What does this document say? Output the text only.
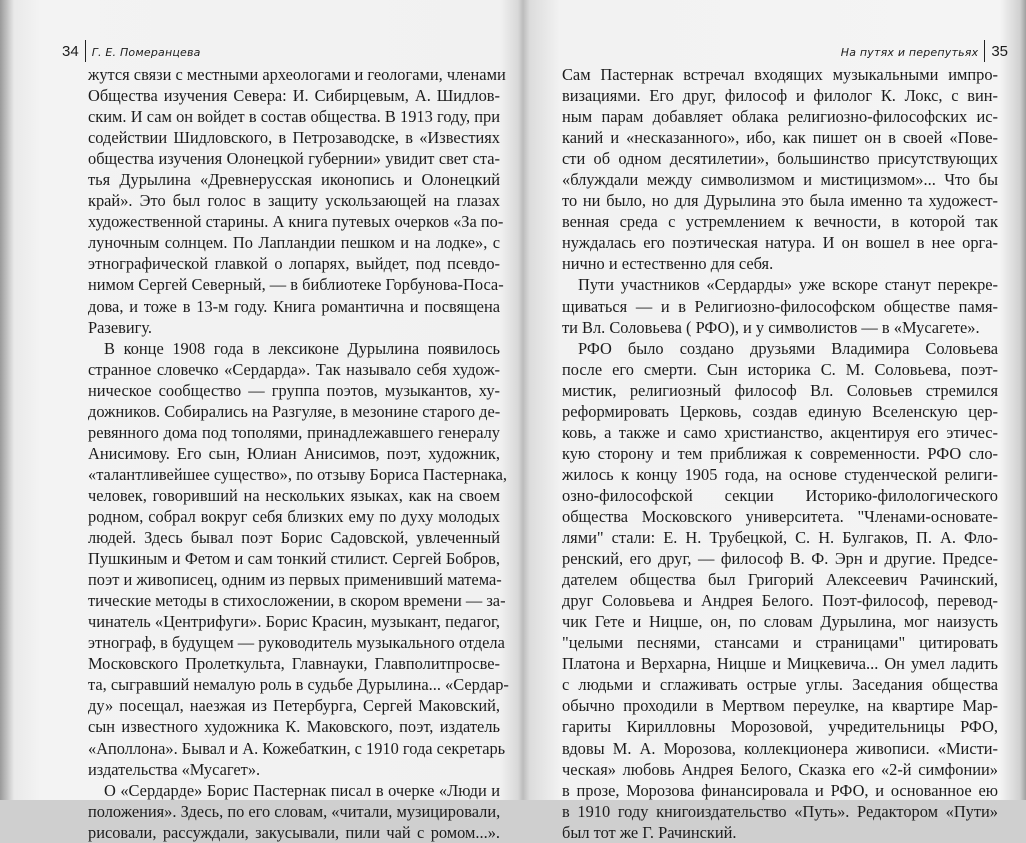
34 Г. Е. Померанцева
жутся связи с местными археологами и геологами, членами
Общества изучения Севера: И. Сибирцевым, А. Шидлов-
ским. И сам он войдет в состав общества. В 1913 году, при
содействии Шидловского, в Петрозаводске, в «Известиях
общества изучения Олонецкой губернии» увидит свет ста-
тья Дурылина «Древнерусская иконопись и Олонецкий
край». Это был голос в защиту ускользающей на глазах
художественной старины. А книга путевых очерков «За по-
луночным солнцем. По Лапландии пешком и на лодке», с
этнографической главкой о лопарях, выйдет, под псевдо-
нимом Сергей Северный, — в библиотеке Горбунова-Поса-
дова, и тоже в 13-м году. Книга романтична и посвящена
Разевигу.
В конце 1908 года в лексиконе Дурылина появилось
странное словечко «Сердарда». Так называло себя худож-
ническое сообщество — группа поэтов, музыкантов, ху-
дожников. Собирались на Разгуляе, в мезонине старого де-
ревянного дома под тополями, принадлежавшего генералу
Анисимову. Его сын, Юлиан Анисимов, поэт, художник,
«талантливейшее существо», по отзыву Бориса Пастернака,
человек, говоривший на нескольких языках, как на своем
родном, собрал вокруг себя близких ему по духу молодых
людей. Здесь бывал поэт Борис Садовской, увлеченный
Пушкиным и Фетом и сам тонкий стилист. Сергей Бобров,
поэт и живописец, одним из первых применивший матема-
тические методы в стихосложении, в скором времени — за-
чинатель «Центрифуги». Борис Красин, музыкант, педагог,
этнограф, в будущем — руководитель музыкального отдела
Московского Пролеткульта, Главнауки, Главполитпросве-
та, сыгравший немалую роль в судьбе Дурылина... «Сердар-
ду» посещал, наезжая из Петербурга, Сергей Маковский,
сын известного художника К. Маковского, поэт, издатель
«Аполлона». Бывал и А. Кожебаткин, с 1910 года секретарь
издательства «Мусагет».
О «Сердарде» Борис Пастернак писал в очерке «Люди и
положения». Здесь, по его словам, «читали, музицировали,
рисовали, рассуждали, закусывали, пили чай с ромом...».
На путях и перепутьях 35
Сам Пастернак встречал входящих музыкальными импро-
визациями. Его друг, философ и филолог К. Локс, с вин-
ным парам добавляет облака религиозно-философских ис-
каний и «несказанного», ибо, как пишет он в своей «Пове-
сти об одном десятилетии», большинство присутствующих
«блуждали между символизмом и мистицизмом»... Что бы
то ни было, но для Дурылина это была именно та художест-
венная среда с устремлением к вечности, в которой так
нуждалась его поэтическая натура. И он вошел в нее орга-
нично и естественно для себя.
Пути участников «Сердарды» уже вскоре станут перекре-
щиваться — и в Религиозно-философском обществе памя-
ти Вл. Соловьева ( РФО), и у символистов — в «Мусагете».
РФО было создано друзьями Владимира Соловьева
после его смерти. Сын историка С. М. Соловьева, поэт-
мистик, религиозный философ Вл. Соловьев стремился
реформировать Церковь, создав единую Вселенскую цер-
ковь, а также и само христианство, акцентируя его этичес-
кую сторону и тем приближая к современности. РФО сло-
жилось к концу 1905 года, на основе студенческой религи-
озно-философской секции Историко-филологического
общества Московского университета. "Членами-основате-
лями" стали: Е. Н. Трубецкой, С. Н. Булгаков, П. А. Фло-
ренский, его друг, — философ В. Ф. Эрн и другие. Предсе-
дателем общества был Григорий Алексеевич Рачинский,
друг Соловьева и Андрея Белого. Поэт-философ, перевод-
чик Гете и Ницше, он, по словам Дурылина, мог наизусть
"целыми песнями, стансами и страницами" цитировать
Платона и Верхарна, Ницше и Мицкевича... Он умел ладить
с людьми и сглаживать острые углы. Заседания общества
обычно проходили в Мертвом переулке, на квартире Мар-
гариты Кирилловны Морозовой, учредительницы РФО,
вдовы М. А. Морозова, коллекционера живописи. «Мисти-
ческая» любовь Андрея Белого, Сказка его «2-й симфонии»
в прозе, Морозова финансировала и РФО, и основанное ею
в 1910 году книгоиздательство «Путь». Редактором «Пути»
был тот же Г. Рачинский.
